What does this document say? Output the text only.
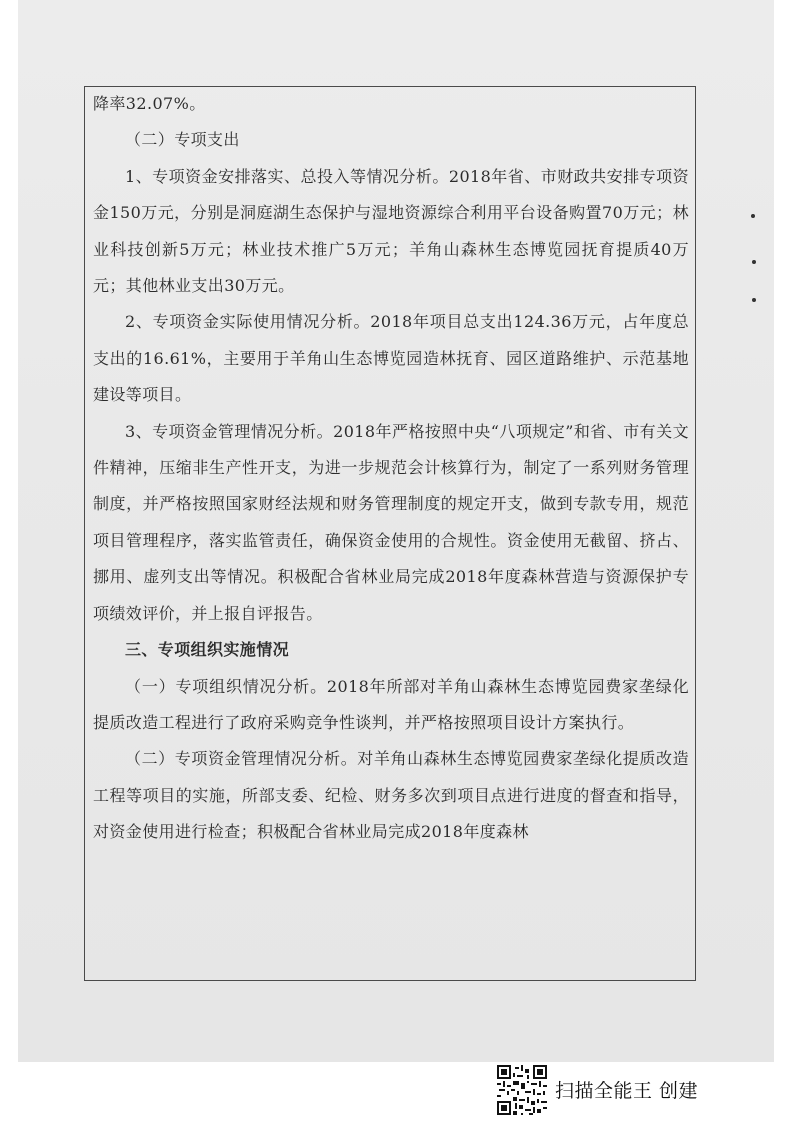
降率32.07%。

（二）专项支出

1、专项资金安排落实、总投入等情况分析。2018年省、市财政共安排专项资金150万元，分别是洞庭湖生态保护与湿地资源综合利用平台设备购置70万元；林业科技创新5万元；林业技术推广5万元；羊角山森林生态博览园抚育提质40万元；其他林业支出30万元。

2、专项资金实际使用情况分析。2018年项目总支出124.36万元，占年度总支出的16.61%，主要用于羊角山生态博览园造林抚育、园区道路维护、示范基地建设等项目。

3、专项资金管理情况分析。2018年严格按照中央“八项规定”和省、市有关文件精神，压缩非生产性开支，为进一步规范会计核算行为，制定了一系列财务管理制度，并严格按照国家财经法规和财务管理制度的规定开支，做到专款专用，规范项目管理程序，落实监管责任，确保资金使用的合规性。资金使用无截留、挤占、挪用、虚列支出等情况。积极配合省林业局完成2018年度森林营造与资源保护专项绩效评价，并上报自评报告。

三、专项组织实施情况

（一）专项组织情况分析。2018年所部对羊角山森林生态博览园费家垄绿化提质改造工程进行了政府采购竞争性谈判，并严格按照项目设计方案执行。

（二）专项资金管理情况分析。对羊角山森林生态博览园费家垄绿化提质改造工程等项目的实施，所部支委、纪检、财务多次到项目点进行进度的督查和指导，对资金使用进行检查；积极配合省林业局完成2018年度森林

扫描全能王 创建
